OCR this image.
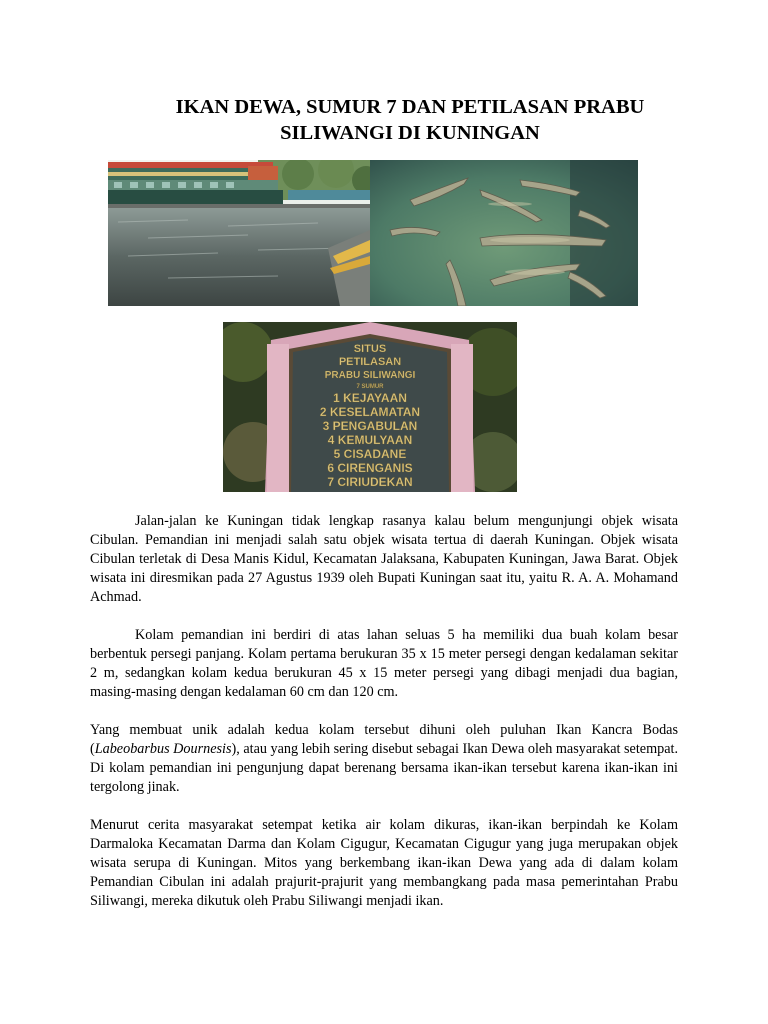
IKAN DEWA, SUMUR 7 DAN PETILASAN PRABU
SILIWANGI DI KUNINGAN
SITUS
PETILASAN
PRABU SILIWANGI
7 SUMUR
1 KEJAYAAN
2 KESELAMATAN
3 PENGABULAN
4 KEMULYAAN
5 CISADANE
6 CIRENGANIS
7 CIRIUDEKAN

Jalan-jalan ke Kuningan tidak lengkap rasanya kalau belum mengunjungi objek wisata Cibulan. Pemandian ini menjadi salah satu objek wisata tertua di daerah Kuningan. Objek wisata Cibulan terletak di Desa Manis Kidul, Kecamatan Jalaksana, Kabupaten Kuningan, Jawa Barat. Objek wisata ini diresmikan pada 27 Agustus 1939 oleh Bupati Kuningan saat itu, yaitu R. A. A. Mohamand Achmad.

Kolam pemandian ini berdiri di atas lahan seluas 5 ha memiliki dua buah kolam besar berbentuk persegi panjang. Kolam pertama berukuran 35 x 15 meter persegi dengan kedalaman sekitar 2 m, sedangkan kolam kedua berukuran 45 x 15 meter persegi yang dibagi menjadi dua bagian, masing-masing dengan kedalaman 60 cm dan 120 cm.

Yang membuat unik adalah kedua kolam tersebut dihuni oleh puluhan Ikan Kancra Bodas (Labeobarbus Dournesis), atau yang lebih sering disebut sebagai Ikan Dewa oleh masyarakat setempat. Di kolam pemandian ini pengunjung dapat berenang bersama ikan-ikan tersebut karena ikan-ikan ini tergolong jinak.

Menurut cerita masyarakat setempat ketika air kolam dikuras, ikan-ikan berpindah ke Kolam Darmaloka Kecamatan Darma dan Kolam Cigugur, Kecamatan Cigugur yang juga merupakan objek wisata serupa di Kuningan. Mitos yang berkembang ikan-ikan Dewa yang ada di dalam kolam Pemandian Cibulan ini adalah prajurit-prajurit yang membangkang pada masa pemerintahan Prabu Siliwangi, mereka dikutuk oleh Prabu Siliwangi menjadi ikan.
